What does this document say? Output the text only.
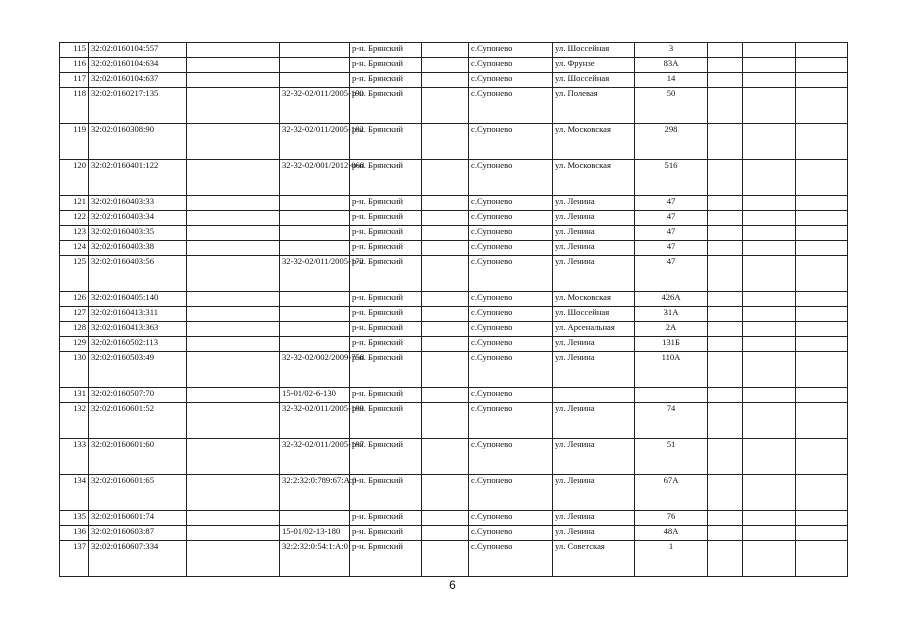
115	32:02:0160104:557			р-н. Брянский		с.Супонево	ул. Шоссейная	3			
116	32:02:0160104:634			р-н. Брянский		с.Супонево	ул. Фрунзе	83А			
117	32:02:0160104:637			р-н. Брянский		с.Супонево	ул. Шоссейная	14			
118	32:02:0160217:135		32-32-02/011/2005-190	р-н. Брянский		с.Супонево	ул. Полевая	50			
119	32:02:0160308:90		32-32-02/011/2005-182	р-н. Брянский		с.Супонево	ул. Московская	298			
120	32:02:0160401:122		32-32-02/001/2012-068	р-н. Брянский		с.Супонево	ул. Московская	516			
121	32:02:0160403:33			р-н. Брянский		с.Супонево	ул. Ленина	47			
122	32:02:0160403:34			р-н. Брянский		с.Супонево	ул. Ленина	47			
123	32:02:0160403:35			р-н. Брянский		с.Супонево	ул. Ленина	47			
124	32:02:0160403:38			р-н. Брянский		с.Супонево	ул. Ленина	47			
125	32:02:0160403:56		32-32-02/011/2005-172	р-н. Брянский		с.Супонево	ул. Ленина	47			
126	32:02:0160405:140			р-н. Брянский		с.Супонево	ул. Московская	426А			
127	32:02:0160413:311			р-н. Брянский		с.Супонево	ул. Шоссейная	31А			
128	32:02:0160413:363			р-н. Брянский		с.Супонево	ул. Арсенальная	2А			
129	32:02:0160502:113			р-н. Брянский		с.Супонево	ул. Ленина	131Б			
130	32:02:0160503:49		32-32-02/002/2009-758	р-н. Брянский		с.Супонево	ул. Ленина	110А			
131	32:02:0160507:70		15-01/02-6-130	р-н. Брянский		с.Супонево					
132	32:02:0160601:52		32-32-02/011/2005-189	р-н. Брянский		с.Супонево	ул. Ленина	74			
133	32:02:0160601:60		32-32-02/011/2005-187	р-н. Брянский		с.Супонево	ул. Ленина	51			
134	32:02:0160601:65		32:2:32:0:789:67:А:0	р-н. Брянский		с.Супонево	ул. Ленина	67А			
135	32:02:0160601:74			р-н. Брянский		с.Супонево	ул. Ленина	76			
136	32:02:0160603:87		15-01/02-13-180	р-н. Брянский		с.Супонево	ул. Ленина	48А			
137	32:02:0160607:334		32:2:32:0:54:1:А:0	р-н. Брянский		с.Супонево	ул. Советская	1			
6
